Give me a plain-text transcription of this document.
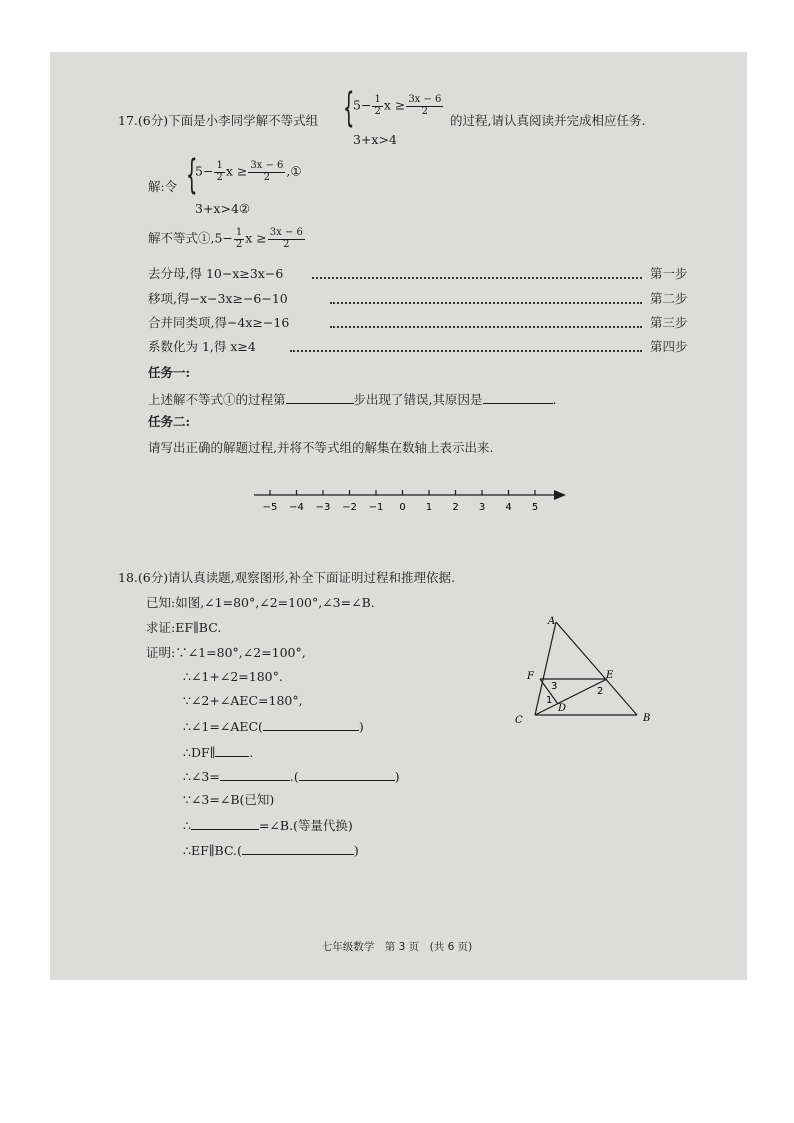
17.(6分)下面是小李同学解不等式组 {
$5- \frac{1}{2}$ $x \ge \frac{3x - 6}{2}$
3+x>4
的过程,请认真阅读并完成相应任务.
解:令 {
$5- \frac{1}{2}$ $x \ge \frac{3x - 6}{2}$ ,①
3+x>4②
解不等式①,5− $\frac{1}{2}$ $x \ge \frac{3x - 6}{2}$
去分母,得 10−x≥3x−6	第一步
移项,得−x−3x≥−6−10	第二步
合并同类项,得−4x≥−16	第三步
系数化为 1,得 x≥4	第四步
任务一:
上述解不等式①的过程第	步出现了错误,其原因是	.
任务二:
请写出正确的解题过程,并将不等式组的解集在数轴上表示出来.
−5 −4 −3 −2 −1 0 1 2 3 4 5
18.(6分)请认真读题,观察图形,补全下面证明过程和推理依据.
已知:如图,∠1=80°,∠2=100°,∠3=∠B.
求证:EF∥BC.
证明:∵∠1=80°,∠2=100°,
∴∠1+∠2=180°.
∵∠2+∠AEC=180°,
∴∠1=∠AEC(	)
∴DF∥	.
∴∠3=	.(	)
∵∠3=∠B(已知)
∴	=∠B.(等量代换)
∴EF∥BC.(	)
A
B
C
D
E
F
1
2
3
七年级数学　第 3 页　(共 6 页)
